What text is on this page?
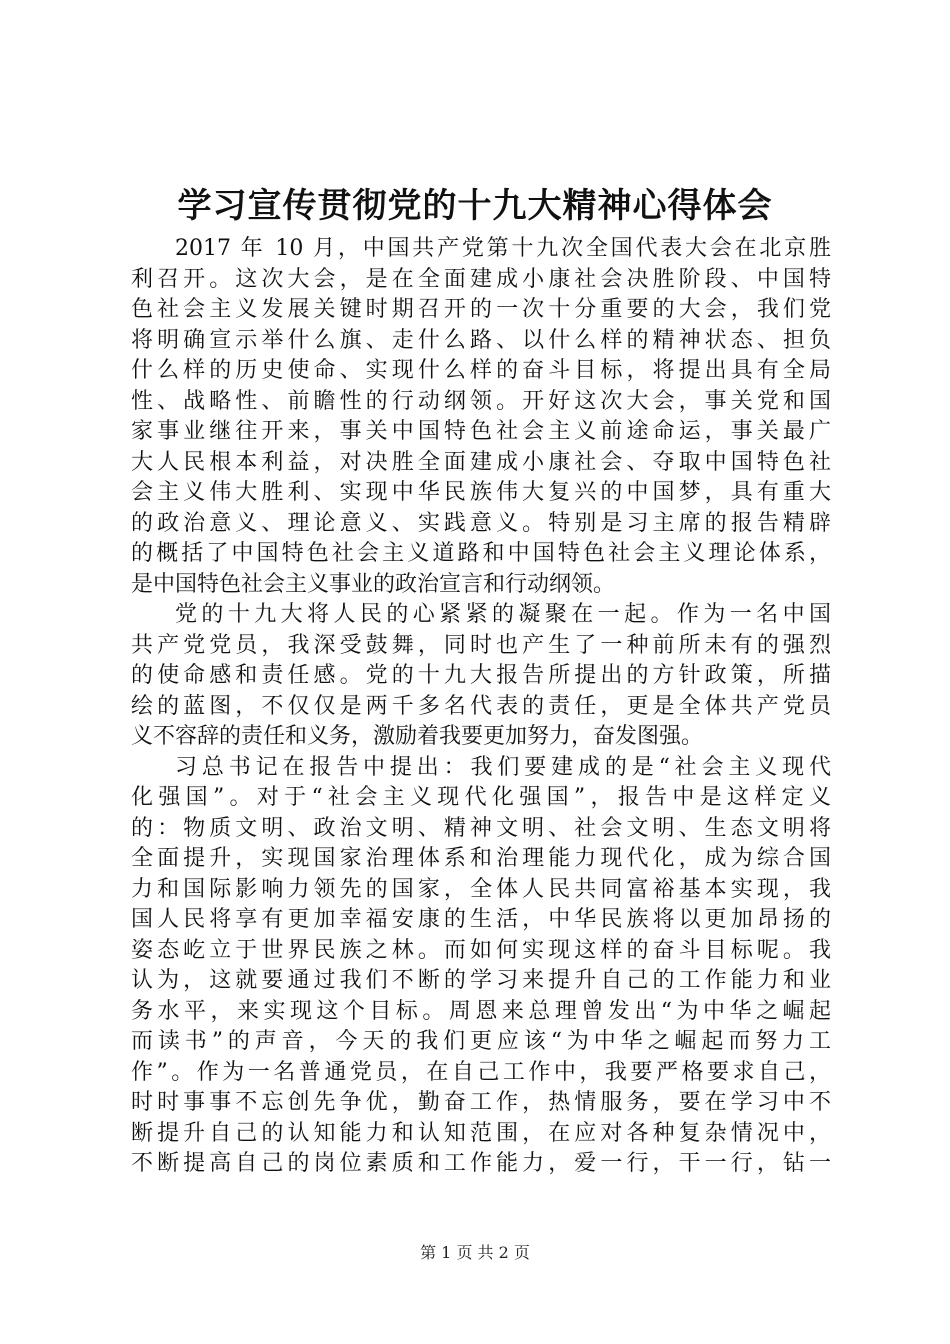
学习宣传贯彻党的十九大精神心得体会
2017 年 10 月，中国共产党第十九次全国代表大会在北京胜
利召开。这次大会，是在全面建成小康社会决胜阶段、中国特
色社会主义发展关键时期召开的一次十分重要的大会，我们党
将明确宣示举什么旗、走什么路、以什么样的精神状态、担负
什么样的历史使命、实现什么样的奋斗目标，将提出具有全局
性、战略性、前瞻性的行动纲领。开好这次大会，事关党和国
家事业继往开来，事关中国特色社会主义前途命运，事关最广
大人民根本利益，对决胜全面建成小康社会、夺取中国特色社
会主义伟大胜利、实现中华民族伟大复兴的中国梦，具有重大
的政治意义、理论意义、实践意义。特别是习主席的报告精辟
的概括了中国特色社会主义道路和中国特色社会主义理论体系，
是中国特色社会主义事业的政治宣言和行动纲领。
党的十九大将人民的心紧紧的凝聚在一起。作为一名中国
共产党党员，我深受鼓舞，同时也产生了一种前所未有的强烈
的使命感和责任感。党的十九大报告所提出的方针政策，所描
绘的蓝图，不仅仅是两千多名代表的责任，更是全体共产党员
义不容辞的责任和义务，激励着我要更加努力，奋发图强。
习总书记在报告中提出：我们要建成的是“社会主义现代
化强国”。对于“社会主义现代化强国”，报告中是这样定义
的：物质文明、政治文明、精神文明、社会文明、生态文明将
全面提升，实现国家治理体系和治理能力现代化，成为综合国
力和国际影响力领先的国家，全体人民共同富裕基本实现，我
国人民将享有更加幸福安康的生活，中华民族将以更加昂扬的
姿态屹立于世界民族之林。而如何实现这样的奋斗目标呢。我
认为，这就要通过我们不断的学习来提升自己的工作能力和业
务水平，来实现这个目标。周恩来总理曾发出“为中华之崛起
而读书”的声音，今天的我们更应该“为中华之崛起而努力工
作”。作为一名普通党员，在自己工作中，我要严格要求自己，
时时事事不忘创先争优，勤奋工作，热情服务，要在学习中不
断提升自己的认知能力和认知范围，在应对各种复杂情况中，
不断提高自己的岗位素质和工作能力，爱一行，干一行，钻一
第 1 页 共 2 页
